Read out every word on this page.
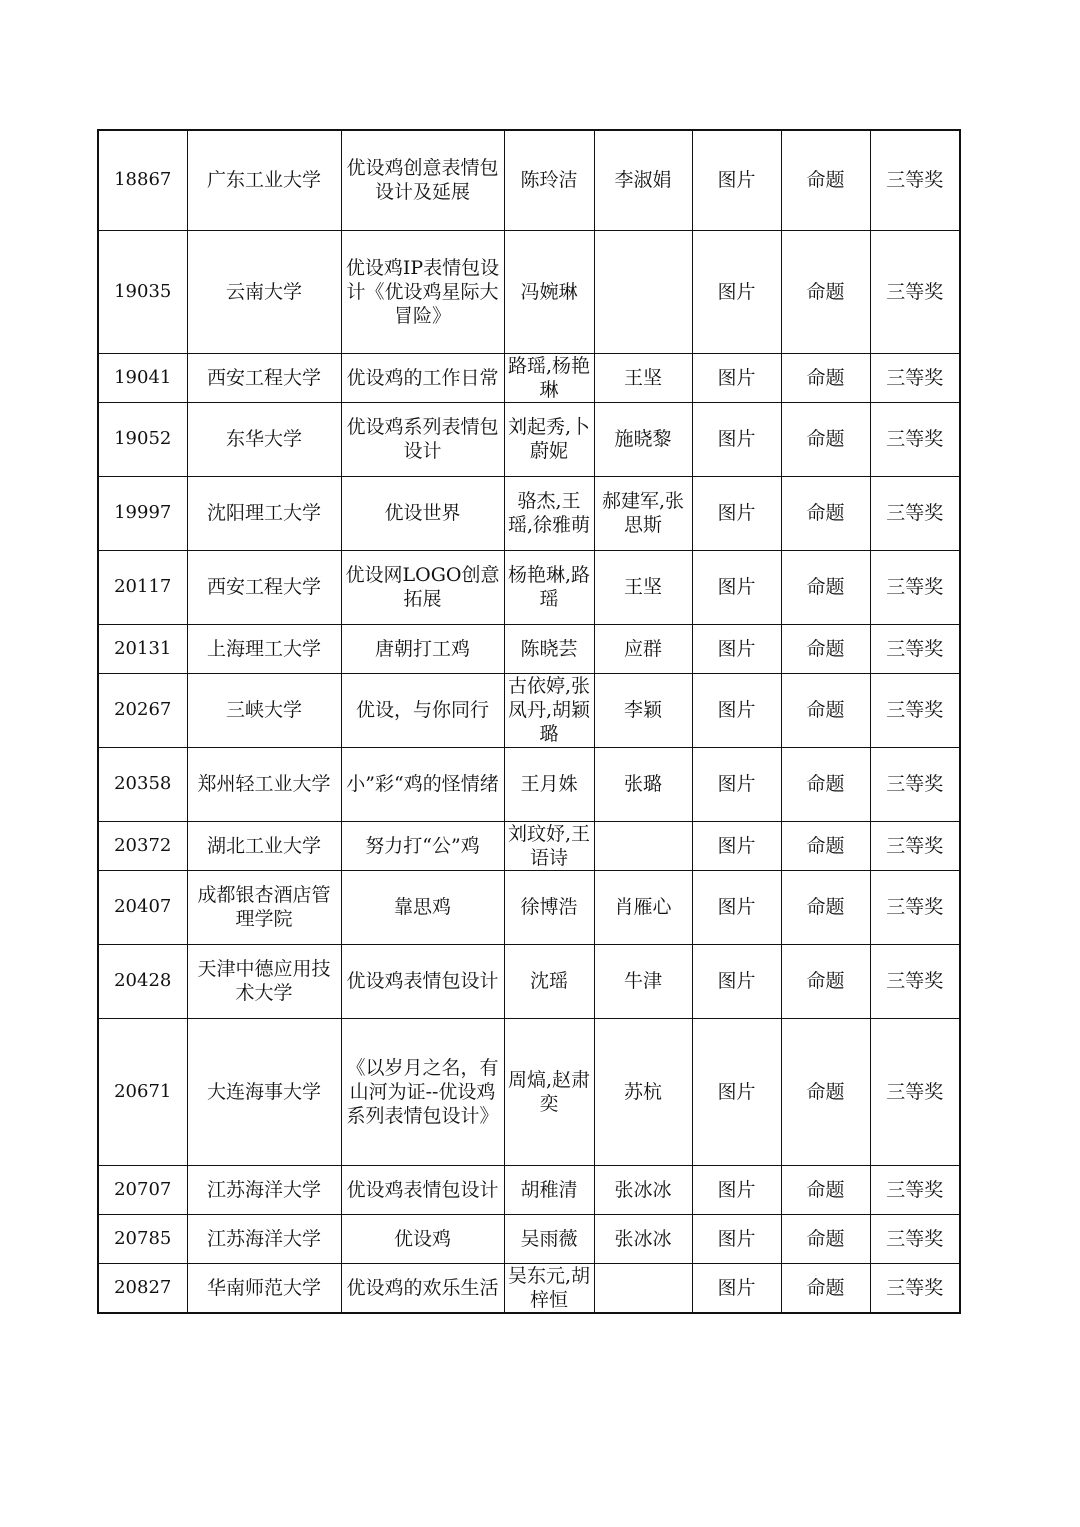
18867	广东工业大学	优设鸡创意表情包设计及延展	陈玲洁	李淑娟	图片	命题	三等奖
19035	云南大学	优设鸡IP表情包设计《优设鸡星际大冒险》	冯婉琳		图片	命题	三等奖
19041	西安工程大学	优设鸡的工作日常	路瑶,杨艳琳	王坚	图片	命题	三等奖
19052	东华大学	优设鸡系列表情包设计	刘起秀,卜蔚妮	施晓黎	图片	命题	三等奖
19997	沈阳理工大学	优设世界	骆杰,王瑶,徐雅萌	郝建军,张思斯	图片	命题	三等奖
20117	西安工程大学	优设网LOGO创意拓展	杨艳琳,路瑶	王坚	图片	命题	三等奖
20131	上海理工大学	唐朝打工鸡	陈晓芸	应群	图片	命题	三等奖
20267	三峡大学	优设，与你同行	古依婷,张凤丹,胡颖璐	李颖	图片	命题	三等奖
20358	郑州轻工业大学	小”彩“鸡的怪情绪	王月姝	张璐	图片	命题	三等奖
20372	湖北工业大学	努力打“公”鸡	刘玟妤,王语诗		图片	命题	三等奖
20407	成都银杏酒店管理学院	靠思鸡	徐博浩	肖雁心	图片	命题	三等奖
20428	天津中德应用技术大学	优设鸡表情包设计	沈瑶	牛津	图片	命题	三等奖
20671	大连海事大学	《以岁月之名，有山河为证--优设鸡系列表情包设计》	周熇,赵肃奕	苏杭	图片	命题	三等奖
20707	江苏海洋大学	优设鸡表情包设计	胡稚清	张冰冰	图片	命题	三等奖
20785	江苏海洋大学	优设鸡	吴雨薇	张冰冰	图片	命题	三等奖
20827	华南师范大学	优设鸡的欢乐生活	吴东元,胡梓恒		图片	命题	三等奖
